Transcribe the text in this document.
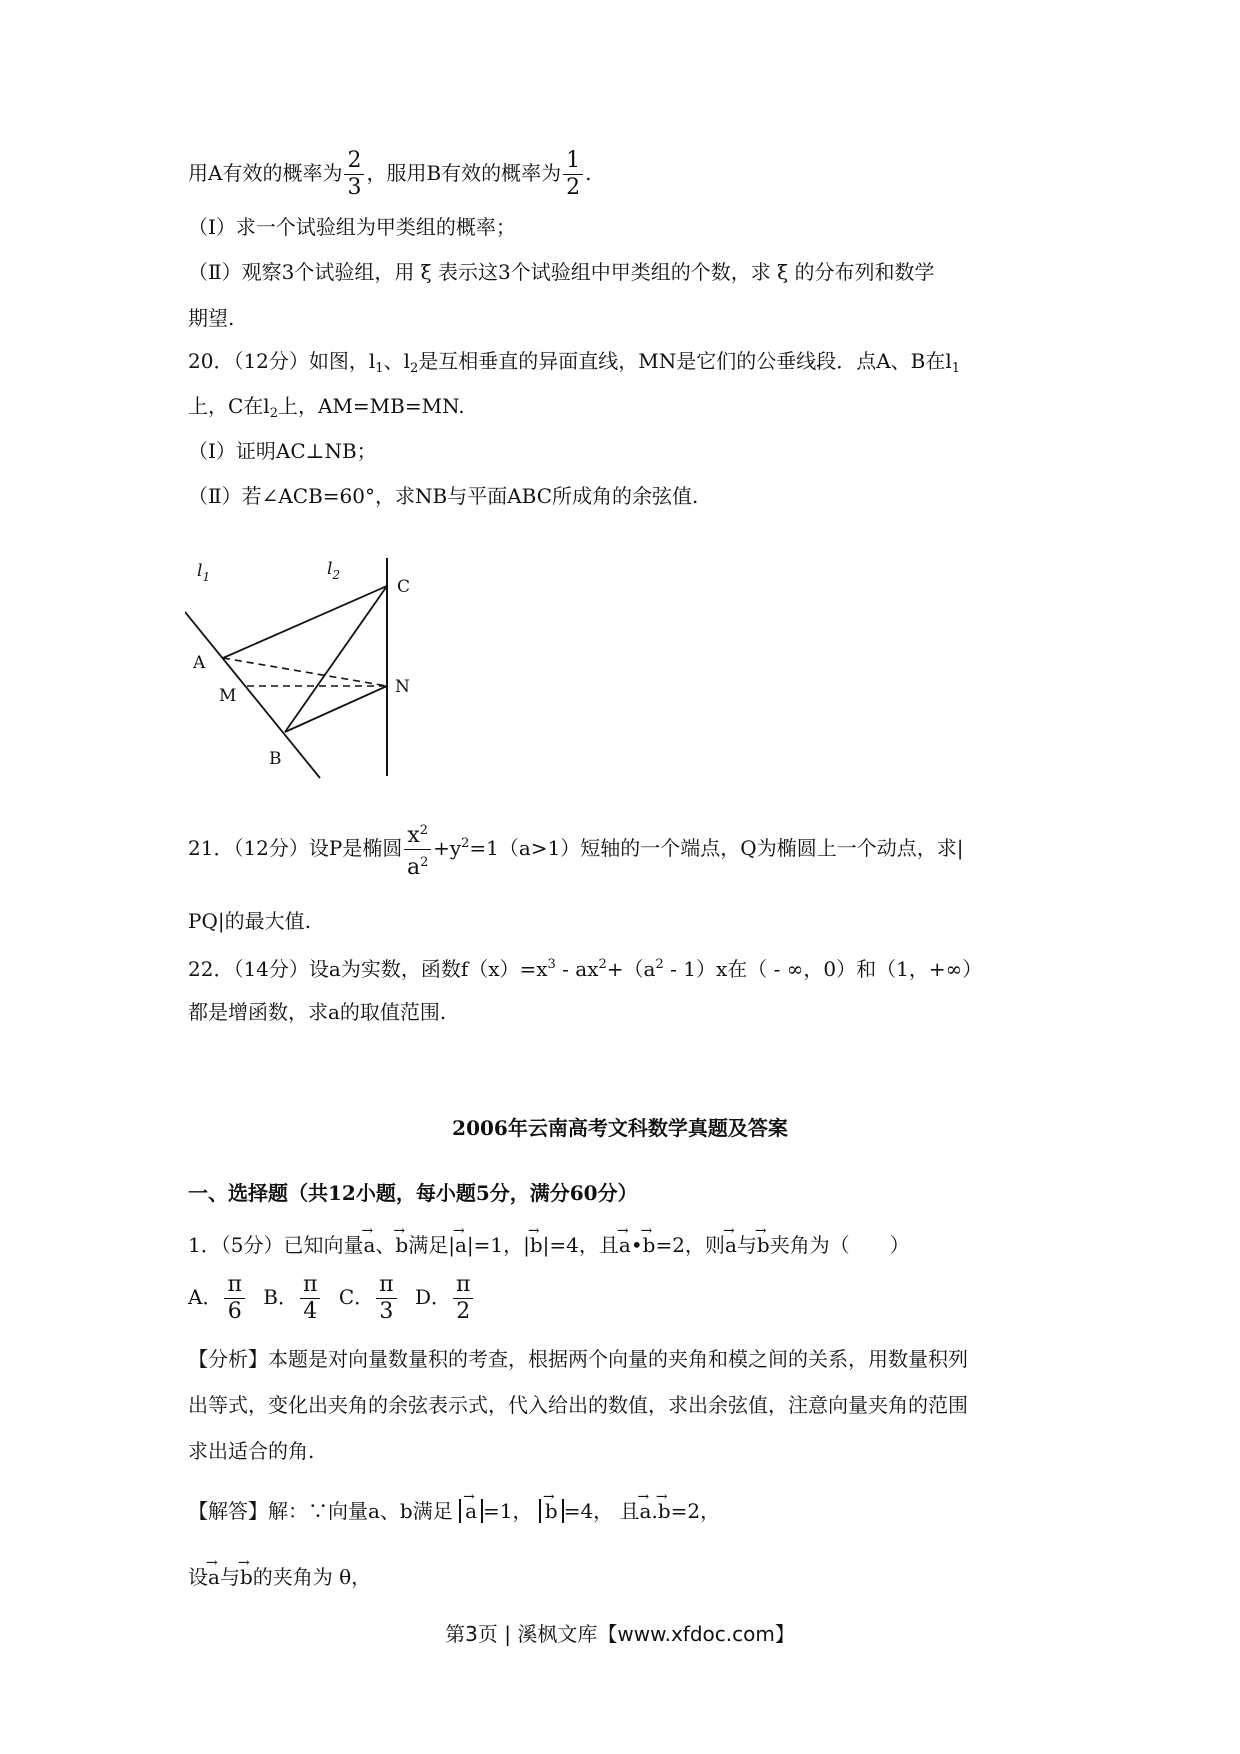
用A有效的概率为 $\frac{2}{3}$ ，服用B有效的概率为 $\frac{1}{2}$ .
（Ⅰ）求一个试验组为甲类组的概率；
（Ⅱ）观察3个试验组，用 ξ 表示这3个试验组中甲类组的个数，求 ξ 的分布列和数学
期望.
20．（12分）如图，$l_1$、$l_2$是互相垂直的异面直线，MN是它们的公垂线段．点A、B在$l_1$
上，C在$l_2$上，AM=MB=MN.
（Ⅰ）证明AC⊥NB；
（Ⅱ）若∠ACB=60°，求NB与平面ABC所成角的余弦值.
$l_1$	$l_2$
C
A
M	N
B
21．（12分）设P是椭圆 $\frac{x^2}{a^2} +y^2=1(a>1)$短轴的一个端点，Q为椭圆上一个动点，求|
PQ|的最大值.
22．（14分）设a为实数，函数$f(x)=x^3 - ax^2+(a^2 - 1)x$在（ - ∞，0）和（1，+∞）
都是增函数，求a的取值范围.
2006年云南高考文科数学真题及答案
一、选择题（共12小题，每小题5分，满分60分）
1．（5分）已知向量→ a、→ b满足|→ a|=1，|→ b|=4，且→ a•→ b=2，则→ a与→ b夹角为（　　）
A． $\frac{\pi}{6}$ B． $\frac{\pi}{4}$ C． $\frac{\pi}{3}$ D． $\frac{\pi}{2}$
【分析】本题是对向量数量积的考查，根据两个向量的夹角和模之间的关系，用数量积列
出等式，变化出夹角的余弦表示式，代入给出的数值，求出余弦值，注意向量夹角的范围
求出适合的角.
【解答】解：∵向量a、b满足 → a =1， → b =4， 且→ a.→ b=2，
设→ a与→ b的夹角为 θ，
第3页 | 溪枫文库【www.xfdoc.com】
